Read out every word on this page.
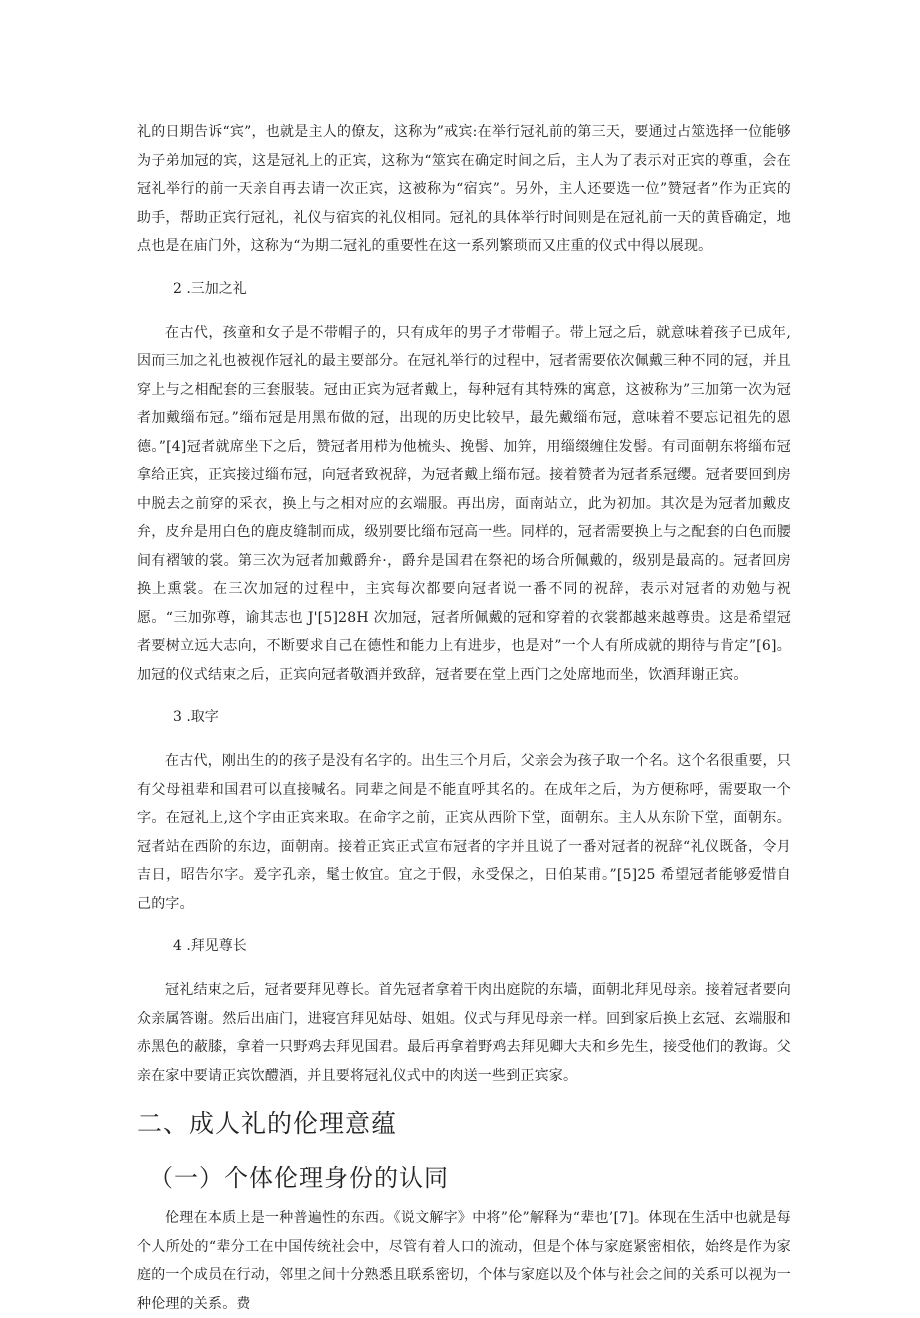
礼的日期告诉“宾”，也就是主人的僚友，这称为”戒宾:在举行冠礼前的第三天，要通过占筮选择一位能够为子弟加冠的宾，这是冠礼上的正宾，这称为“筮宾在确定时间之后，主人为了表示对正宾的尊重，会在冠礼举行的前一天亲自再去请一次正宾，这被称为“宿宾”。另外，主人还要选一位”赞冠者”作为正宾的助手，帮助正宾行冠礼，礼仪与宿宾的礼仪相同。冠礼的具体举行时间则是在冠礼前一天的黄昏确定，地点也是在庙门外，这称为“为期二冠礼的重要性在这一系列繁琐而又庄重的仪式中得以展现。

2 .三加之礼

在古代，孩童和女子是不带帽子的，只有成年的男子才带帽子。带上冠之后，就意味着孩子已成年,因而三加之礼也被视作冠礼的最主要部分。在冠礼举行的过程中，冠者需要依次佩戴三种不同的冠，并且穿上与之相配套的三套服装。冠由正宾为冠者戴上，每种冠有其特殊的寓意，这被称为”三加第一次为冠者加戴缁布冠。”缁布冠是用黑布做的冠，出现的历史比较早，最先戴缁布冠，意味着不要忘记祖先的恩德。”[4]冠者就席坐下之后，赞冠者用栉为他梳头、挽髻、加笄，用缁缀缠住发髻。有司面朝东将缁布冠拿给正宾，正宾接过缁布冠，向冠者致祝辞，为冠者戴上缁布冠。接着赞者为冠者系冠缨。冠者要回到房中脱去之前穿的采衣，换上与之相对应的玄端服。再出房，面南站立，此为初加。其次是为冠者加戴皮弁，皮弁是用白色的鹿皮缝制而成，级别要比缁布冠高一些。同样的，冠者需要换上与之配套的白色而腰间有褶皱的裳。第三次为冠者加戴爵弁·，爵弁是国君在祭祀的场合所佩戴的，级别是最高的。冠者回房换上熏裳。在三次加冠的过程中，主宾每次都要向冠者说一番不同的祝辞，表示对冠者的劝勉与祝愿。“三加弥尊，谕其志也 J'[5]28H 次加冠，冠者所佩戴的冠和穿着的衣裳都越来越尊贵。这是希望冠者要树立远大志向，不断要求自己在德性和能力上有进步，也是对”一个人有所成就的期待与肯定”[6]。加冠的仪式结束之后，正宾向冠者敬酒并致辞，冠者要在堂上西门之处席地而坐，饮酒拜谢正宾。

3 .取字

在古代，刚出生的的孩子是没有名字的。出生三个月后，父亲会为孩子取一个名。这个名很重要，只有父母祖辈和国君可以直接喊名。同辈之间是不能直呼其名的。在成年之后，为方便称呼，需要取一个字。在冠礼上,这个字由正宾来取。在命字之前，正宾从西阶下堂，面朝东。主人从东阶下堂，面朝东。冠者站在西阶的东边，面朝南。接着正宾正式宣布冠者的字并且说了一番对冠者的祝辞“礼仪既备，令月吉日，昭告尔字。爰字孔亲，髦士攸宜。宜之于假，永受保之，日伯某甫。”[5]25 希望冠者能够爱惜自己的字。

4 .拜见尊长

冠礼结束之后，冠者要拜见尊长。首先冠者拿着干肉出庭院的东墙，面朝北拜见母亲。接着冠者要向众亲属答谢。然后出庙门，进寝宫拜见姑母、姐姐。仪式与拜见母亲一样。回到家后换上玄冠、玄端服和赤黑色的蔽膝，拿着一只野鸡去拜见国君。最后再拿着野鸡去拜见卿大夫和乡先生，接受他们的教诲。父亲在家中要请正宾饮醴酒，并且要将冠礼仪式中的肉送一些到正宾家。

二、成人礼的伦理意蕴
（一）个体伦理身份的认同

伦理在本质上是一种普遍性的东西。《说文解字》中将”伦”解释为“辈也’[7]。体现在生活中也就是每个人所处的“辈分工在中国传统社会中，尽管有着人口的流动，但是个体与家庭紧密相依，始终是作为家庭的一个成员在行动，邻里之间十分熟悉且联系密切，个体与家庭以及个体与社会之间的关系可以视为一种伦理的关系。费
